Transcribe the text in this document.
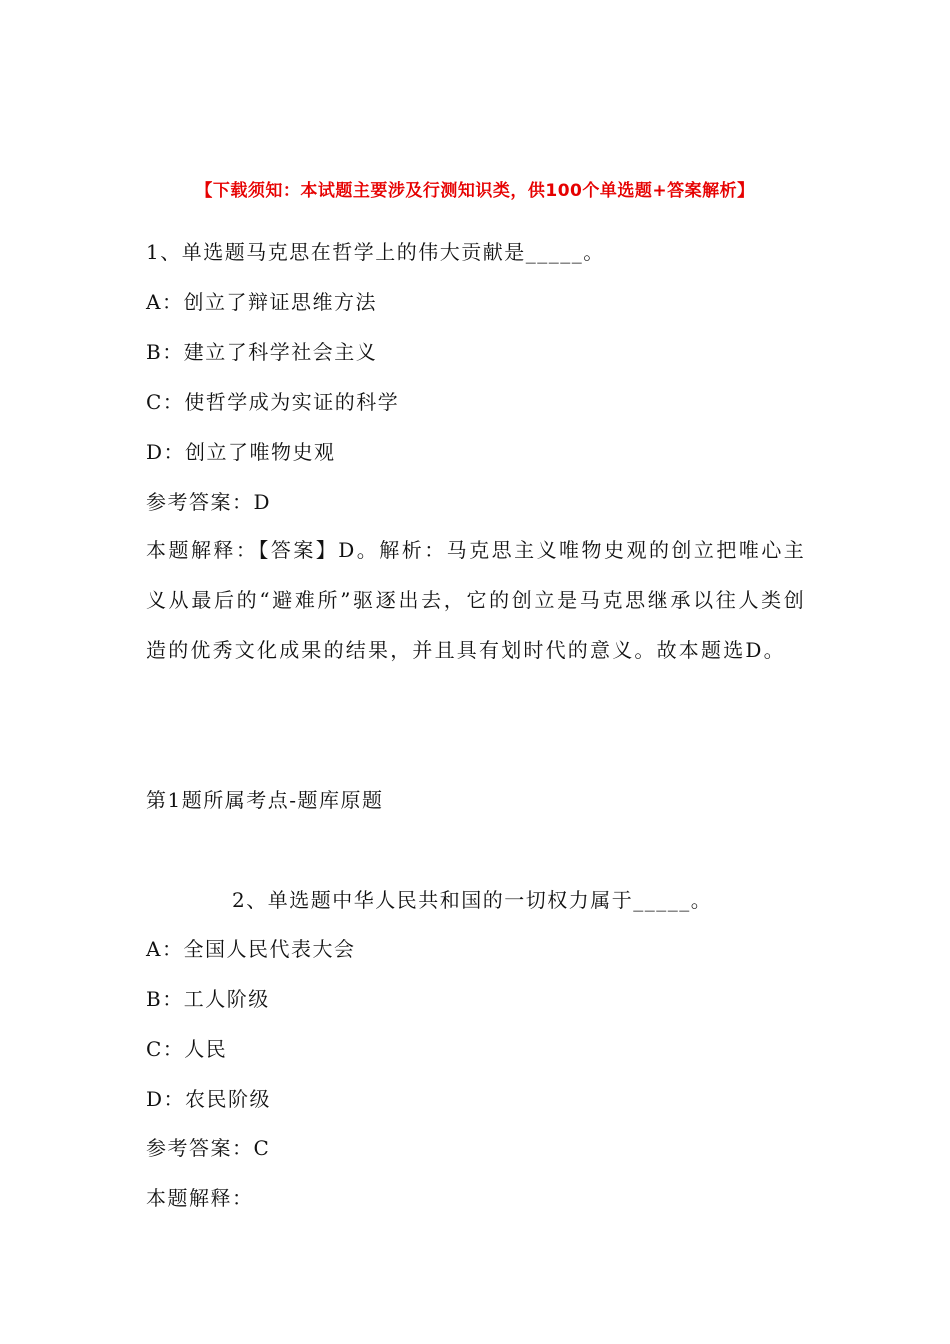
【下载须知：本试题主要涉及行测知识类，供100个单选题+答案解析】
1、单选题马克思在哲学上的伟大贡献是_____。
A：创立了辩证思维方法
B：建立了科学社会主义
C：使哲学成为实证的科学
D：创立了唯物史观
参考答案：D
本题解释：【答案】D。解析：马克思主义唯物史观的创立把唯心主义从最后的“避难所”驱逐出去，它的创立是马克思继承以往人类创造的优秀文化成果的结果，并且具有划时代的意义。故本题选D。
第1题所属考点-题库原题
2、单选题中华人民共和国的一切权力属于_____。
A：全国人民代表大会
B：工人阶级
C：人民
D：农民阶级
参考答案：C
本题解释：
